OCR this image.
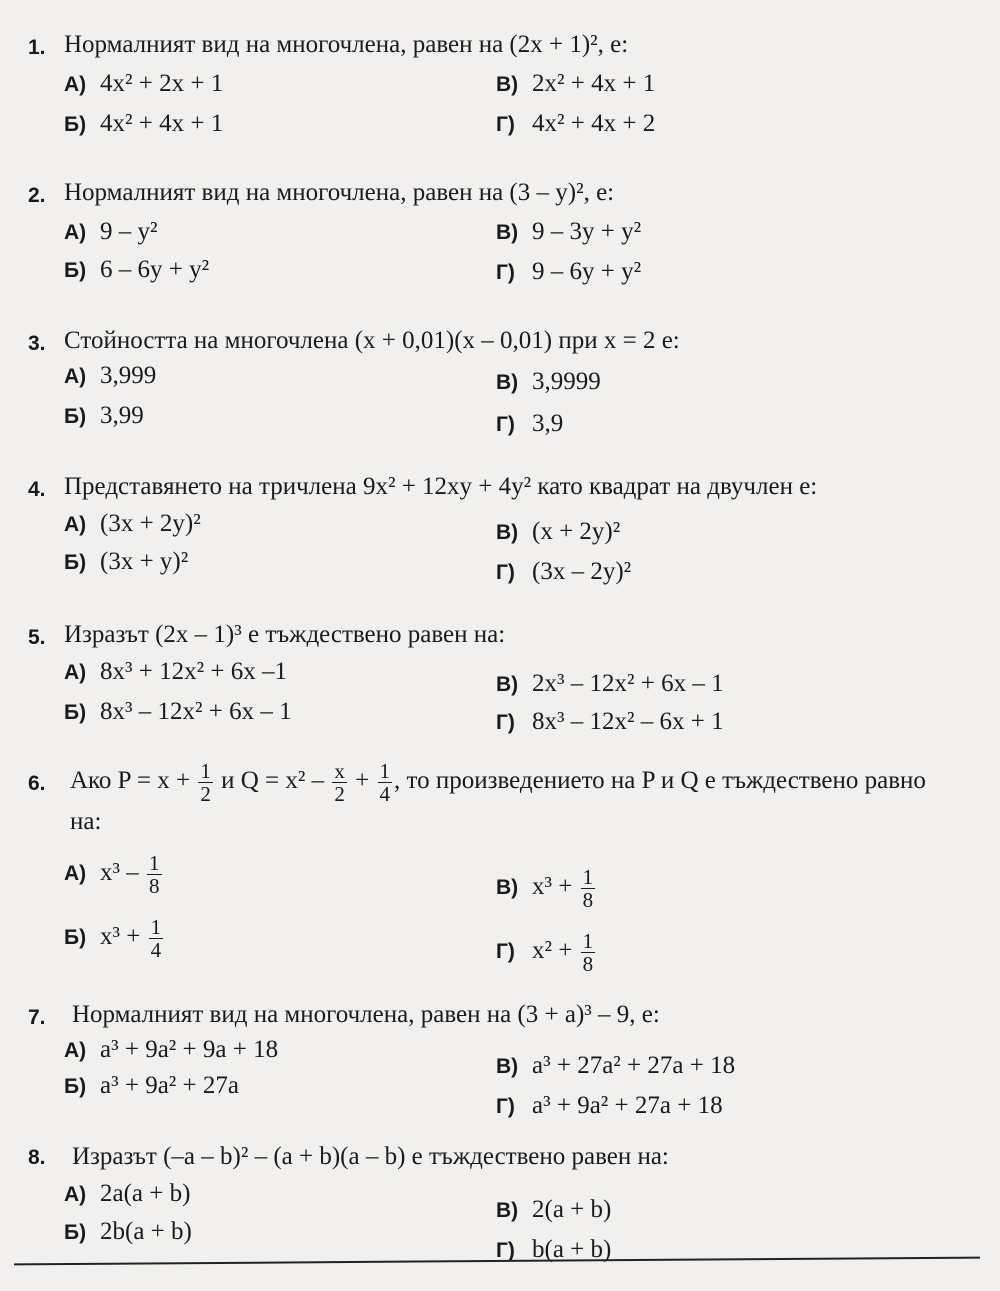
1. Нормалният вид на многочлена, равен на (2x + 1)², е:
А) 4x² + 2x + 1
Б) 4x² + 4x + 1
В) 2x² + 4x + 1
Г) 4x² + 4x + 2
2. Нормалният вид на многочлена, равен на (3 – y)², е:
А) 9 – y²
Б) 6 – 6y + y²
В) 9 – 3y + y²
Г) 9 – 6y + y²
3. Стойността на многочлена (x + 0,01)(x – 0,01) при x = 2 е:
А) 3,999
Б) 3,99
В) 3,9999
Г) 3,9
4. Представянето на тричлена 9x² + 12xy + 4y² като квадрат на двучлен е:
А) (3x + 2y)²
Б) (3x + y)²
В) (x + 2y)²
Г) (3x – 2y)²
5. Изразът (2x – 1)³ е тъждествено равен на:
А) 8x³ + 12x² + 6x –1
Б) 8x³ – 12x² + 6x – 1
В) 2x³ – 12x² + 6x – 1
Г) 8x³ – 12x² – 6x + 1
6. Ако $P = x + \frac{1}{2}$ и $Q = x^2 - \frac{x}{2} + \frac{1}{4}$ , то произведението на P и Q е тъждествено равно на:
А) $x^3 - \frac{1}{8}$
Б) $x^3 + \frac{1}{4}$
В) $x^3 + \frac{1}{8}$
Г) $x^2 + \frac{1}{8}$
7. Нормалният вид на многочлена, равен на (3 + a)³ – 9, е:
А) a³ + 9a² + 9a + 18
Б) a³ + 9a² + 27a
В) a³ + 27a² + 27a + 18
Г) a³ + 9a² + 27a + 18
8. Изразът (–a – b)² – (a + b)(a – b) е тъждествено равен на:
А) 2a(a + b)
Б) 2b(a + b)
В) 2(a + b)
Г) b(a + b)
